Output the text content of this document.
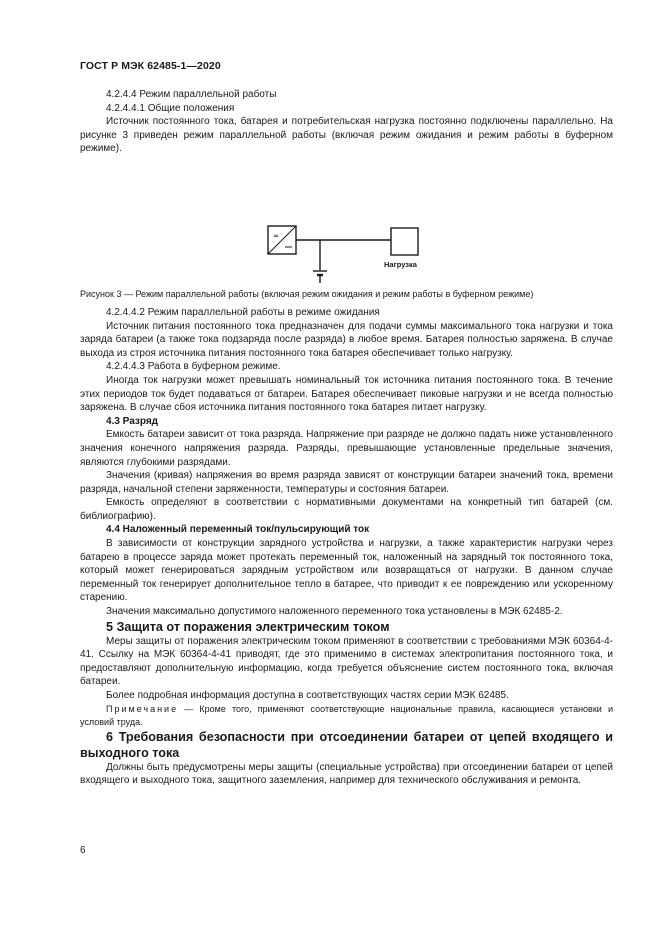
ГОСТ Р МЭК 62485-1—2020

4.2.4.4 Режим параллельной работы

4.2.4.4.1 Общие положения

Источник постоянного тока, батарея и потребительская нагрузка постоянно подключены параллельно. На рисунке 3 приведен режим параллельной работы (включая режим ожидания и режим работы в буферном режиме).

≈
Нагрузка

Рисунок 3 — Режим параллельной работы (включая режим ожидания и режим работы в буферном режиме)

4.2.4.4.2 Режим параллельной работы в режиме ожидания

Источник питания постоянного тока предназначен для подачи суммы максимального тока нагрузки и тока заряда батареи (а также тока подзаряда после разряда) в любое время. Батарея полностью заряжена. В случае выхода из строя источника питания постоянного тока батарея обеспечивает только нагрузку.

4.2.4.4.3 Работа в буферном режиме.

Иногда ток нагрузки может превышать номинальный ток источника питания постоянного тока. В течение этих периодов ток будет подаваться от батареи. Батарея обеспечивает пиковые нагрузки и не всегда полностью заряжена. В случае сбоя источника питания постоянного тока батарея питает нагрузку.

4.3 Разряд

Емкость батареи зависит от тока разряда. Напряжение при разряде не должно падать ниже установленного значения конечного напряжения разряда. Разряды, превышающие установленные предельные значения, являются глубокими разрядами.

Значения (кривая) напряжения во время разряда зависят от конструкции батареи значений тока, времени разряда, начальной степени заряженности, температуры и состояния батареи.

Емкость определяют в соответствии с нормативными документами на конкретный тип батарей (см. библиографию).

4.4 Наложенный переменный ток/пульсирующий ток

В зависимости от конструкции зарядного устройства и нагрузки, а также характеристик нагрузки через батарею в процессе заряда может протекать переменный ток, наложенный на зарядный ток постоянного тока, который может генерироваться зарядным устройством или возвращаться от нагрузки. В данном случае переменный ток генерирует дополнительное тепло в батарее, что приводит к ее повреждению или ускоренному старению.

Значения максимально допустимого наложенного переменного тока установлены в МЭК 62485-2.

5 Защита от поражения электрическим током

Меры защиты от поражения электрическим током применяют в соответствии с требованиями МЭК 60364-4-41. Ссылку на МЭК 60364-4-41 приводят, где это применимо в системах электропитания постоянного тока, и предоставляют дополнительную информацию, когда требуется объяснение систем постоянного тока, включая батареи.

Более подробная информация доступна в соответствующих частях серии МЭК 62485.

Примечание — Кроме того, применяют соответствующие национальные правила, касающиеся установки и условий труда.

6 Требования безопасности при отсоединении батареи от цепей входящего и выходного тока

Должны быть предусмотрены меры защиты (специальные устройства) при отсоединении батареи от цепей входящего и выходного тока, защитного заземления, например для технического обслуживания и ремонта.

6
